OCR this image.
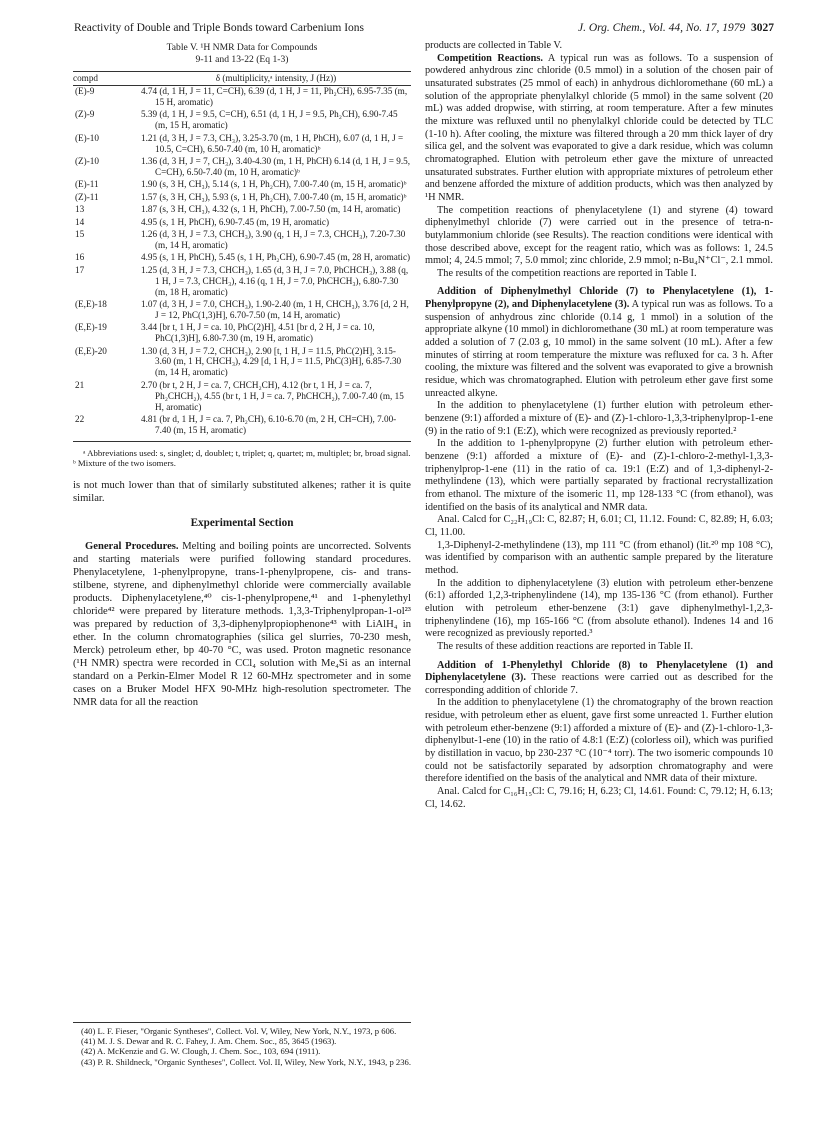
Reactivity of Double and Triple Bonds toward Carbenium Ions	J. Org. Chem., Vol. 44, No. 17, 1979 3027
Table V. ¹H NMR Data for Compounds
9-11 and 13-22 (Eq 1-3)
compd	δ (multiplicity,ᵃ intensity, J (Hz))
(E)-9	4.74 (d, 1 H, J = 11, C=CH), 6.39 (d, 1 H, J = 11, Ph₂CH), 6.95-7.35 (m, 15 H, aromatic)
(Z)-9	5.39 (d, 1 H, J = 9.5, C=CH), 6.51 (d, 1 H, J = 9.5, Ph₂CH), 6.90-7.45 (m, 15 H, aromatic)
(E)-10	1.21 (d, 3 H, J = 7.3, CH₃), 3.25-3.70 (m, 1 H, PhCH), 6.07 (d, 1 H, J = 10.5, C=CH), 6.50-7.40 (m, 10 H, aromatic)ᵇ
(Z)-10	1.36 (d, 3 H, J = 7, CH₃), 3.40-4.30 (m, 1 H, PhCH) 6.14 (d, 1 H, J = 9.5, C=CH), 6.50-7.40 (m, 10 H, aromatic)ᵇ
(E)-11	1.90 (s, 3 H, CH₃), 5.14 (s, 1 H, Ph₂CH), 7.00-7.40 (m, 15 H, aromatic)ᵇ
(Z)-11	1.57 (s, 3 H, CH₃), 5.93 (s, 1 H, Ph₂CH), 7.00-7.40 (m, 15 H, aromatic)ᵇ
13	1.87 (s, 3 H, CH₃), 4.32 (s, 1 H, PhCH), 7.00-7.50 (m, 14 H, aromatic)
14	4.95 (s, 1 H, PhCH), 6.90-7.45 (m, 19 H, aromatic)
15	1.26 (d, 3 H, J = 7.3, CHCH₃), 3.90 (q, 1 H, J = 7.3, CHCH₃), 7.20-7.30 (m, 14 H, aromatic)
16	4.95 (s, 1 H, PhCH), 5.45 (s, 1 H, Ph₂CH), 6.90-7.45 (m, 28 H, aromatic)
17	1.25 (d, 3 H, J = 7.3, CHCH₃), 1.65 (d, 3 H, J = 7.0, PhCHCH₃), 3.88 (q, 1 H, J = 7.3, CHCH₃), 4.16 (q, 1 H, J = 7.0, PhCHCH₃), 6.80-7.30 (m, 18 H, aromatic)
(E,E)-18	1.07 (d, 3 H, J = 7.0, CHCH₃), 1.90-2.40 (m, 1 H, CHCH₃), 3.76 [d, 2 H, J = 12, PhC(1,3)H], 6.70-7.50 (m, 14 H, aromatic)
(E,E)-19	3.44 [br t, 1 H, J = ca. 10, PhC(2)H], 4.51 [br d, 2 H, J = ca. 10, PhC(1,3)H], 6.80-7.30 (m, 19 H, aromatic)
(E,E)-20	1.30 (d, 3 H, J = 7.2, CHCH₃), 2.90 [t, 1 H, J = 11.5, PhC(2)H], 3.15-3.60 (m, 1 H, CHCH₃), 4.29 [d, 1 H, J = 11.5, PhC(3)H], 6.85-7.30 (m, 14 H, aromatic)
21	2.70 (br t, 2 H, J = ca. 7, CHCH₂CH), 4.12 (br t, 1 H, J = ca. 7, Ph₂CHCH₂), 4.55 (br t, 1 H, J = ca. 7, PhCHCH₂), 7.00-7.40 (m, 15 H, aromatic)
22	4.81 (br d, 1 H, J = ca. 7, Ph₂CH), 6.10-6.70 (m, 2 H, CH=CH), 7.00-7.40 (m, 15 H, aromatic)
ᵃ Abbreviations used: s, singlet; d, doublet; t, triplet; q, quartet; m, multiplet; br, broad signal. ᵇ Mixture of the two isomers.

is not much lower than that of similarly substituted alkenes; rather it is quite similar.

Experimental Section

General Procedures. Melting and boiling points are uncorrected. Solvents and starting materials were purified following standard procedures. Phenylacetylene, 1-phenylpropyne, trans-1-phenylpropene, cis- and trans-stilbene, styrene, and diphenylmethyl chloride were commercially available products. Diphenylacetylene,⁴⁰ cis-1-phenylpropene,⁴¹ and 1-phenylethyl chloride⁴² were prepared by literature methods. 1,3,3-Triphenylpropan-1-ol²³ was prepared by reduction of 3,3-diphenylpropiophenone⁴³ with LiAlH₄ in ether. In the column chromatographies (silica gel slurries, 70-230 mesh, Merck) petroleum ether, bp 40-70 °C, was used. Proton magnetic resonance (¹H NMR) spectra were recorded in CCl₄ solution with Me₄Si as an internal standard on a Perkin-Elmer Model R 12 60-MHz spectrometer and in some cases on a Bruker Model HFX 90-MHz high-resolution spectrometer. The NMR data for all the reaction

(40) L. F. Fieser, "Organic Syntheses", Collect. Vol. V, Wiley, New York, N.Y., 1973, p 606.
(41) M. J. S. Dewar and R. C. Fahey, J. Am. Chem. Soc., 85, 3645 (1963).
(42) A. McKenzie and G. W. Clough, J. Chem. Soc., 103, 694 (1911).
(43) P. R. Shildneck, "Organic Syntheses", Collect. Vol. II, Wiley, New York, N.Y., 1943, p 236.

products are collected in Table V.

Competition Reactions. A typical run was as follows. To a suspension of powdered anhydrous zinc chloride (0.5 mmol) in a solution of the chosen pair of unsaturated substrates (25 mmol of each) in anhydrous dichloromethane (60 mL) a solution of the appropriate phenylalkyl chloride (5 mmol) in the same solvent (20 mL) was added dropwise, with stirring, at room temperature. After a few minutes the mixture was refluxed until no phenylalkyl chloride could be detected by TLC (1-10 h). After cooling, the mixture was filtered through a 20 mm thick layer of dry silica gel, and the solvent was evaporated to give a dark residue, which was column chromatographed. Elution with petroleum ether gave the mixture of unreacted unsaturated substrates. Further elution with appropriate mixtures of petroleum ether and benzene afforded the mixture of addition products, which was then analyzed by ¹H NMR.

The competition reactions of phenylacetylene (1) and styrene (4) toward diphenylmethyl chloride (7) were carried out in the presence of tetra-n-butylammonium chloride (see Results). The reaction conditions were identical with those described above, except for the reagent ratio, which was as follows: 1, 24.5 mmol; 4, 24.5 mmol; 7, 5.0 mmol; zinc chloride, 2.9 mmol; n-Bu₄N⁺Cl⁻, 2.1 mmol.

The results of the competition reactions are reported in Table I.

Addition of Diphenylmethyl Chloride (7) to Phenylacetylene (1), 1-Phenylpropyne (2), and Diphenylacetylene (3). A typical run was as follows. To a suspension of anhydrous zinc chloride (0.14 g, 1 mmol) in a solution of the appropriate alkyne (10 mmol) in dichloromethane (30 mL) at room temperature was added a solution of 7 (2.03 g, 10 mmol) in the same solvent (10 mL). After a few minutes of stirring at room temperature the mixture was refluxed for ca. 3 h. After cooling, the mixture was filtered and the solvent was evaporated to give a brownish residue, which was chromatographed. Elution with petroleum ether gave first some unreacted alkyne.

In the addition to phenylacetylene (1) further elution with petroleum ether-benzene (9:1) afforded a mixture of (E)- and (Z)-1-chloro-1,3,3-triphenylprop-1-ene (9) in the ratio of 9:1 (E:Z), which were recognized as previously reported.²

In the addition to 1-phenylpropyne (2) further elution with petroleum ether-benzene (9:1) afforded a mixture of (E)- and (Z)-1-chloro-2-methyl-1,3,3-triphenylprop-1-ene (11) in the ratio of ca. 19:1 (E:Z) and of 1,3-diphenyl-2-methylindene (13), which were partially separated by fractional recrystallization from ethanol. The mixture of the isomeric 11, mp 128-133 °C (from ethanol), was identified on the basis of its analytical and NMR data.

Anal. Calcd for C₂₂H₁₉Cl: C, 82.87; H, 6.01; Cl, 11.12. Found: C, 82.89; H, 6.03; Cl, 11.00.

1,3-Diphenyl-2-methylindene (13), mp 111 °C (from ethanol) (lit.²⁰ mp 108 °C), was identified by comparison with an authentic sample prepared by the literature method.

In the addition to diphenylacetylene (3) elution with petroleum ether-benzene (6:1) afforded 1,2,3-triphenylindene (14), mp 135-136 °C (from ethanol). Further elution with petroleum ether-benzene (3:1) gave diphenylmethyl-1,2,3-triphenylindene (16), mp 165-166 °C (from absolute ethanol). Indenes 14 and 16 were recognized as previously reported.³

The results of these addition reactions are reported in Table II.

Addition of 1-Phenylethyl Chloride (8) to Phenylacetylene (1) and Diphenylacetylene (3). These reactions were carried out as described for the corresponding addition of chloride 7.

In the addition to phenylacetylene (1) the chromatography of the brown reaction residue, with petroleum ether as eluent, gave first some unreacted 1. Further elution with petroleum ether-benzene (9:1) afforded a mixture of (E)- and (Z)-1-chloro-1,3-diphenylbut-1-ene (10) in the ratio of 4.8:1 (E:Z) (colorless oil), which was purified by distillation in vacuo, bp 230-237 °C (10⁻⁴ torr). The two isomeric compounds 10 could not be satisfactorily separated by adsorption chromatography and were therefore identified on the basis of the analytical and NMR data of their mixture.

Anal. Calcd for C₁₆H₁₅Cl: C, 79.16; H, 6.23; Cl, 14.61. Found: C, 79.12; H, 6.13; Cl, 14.62.
